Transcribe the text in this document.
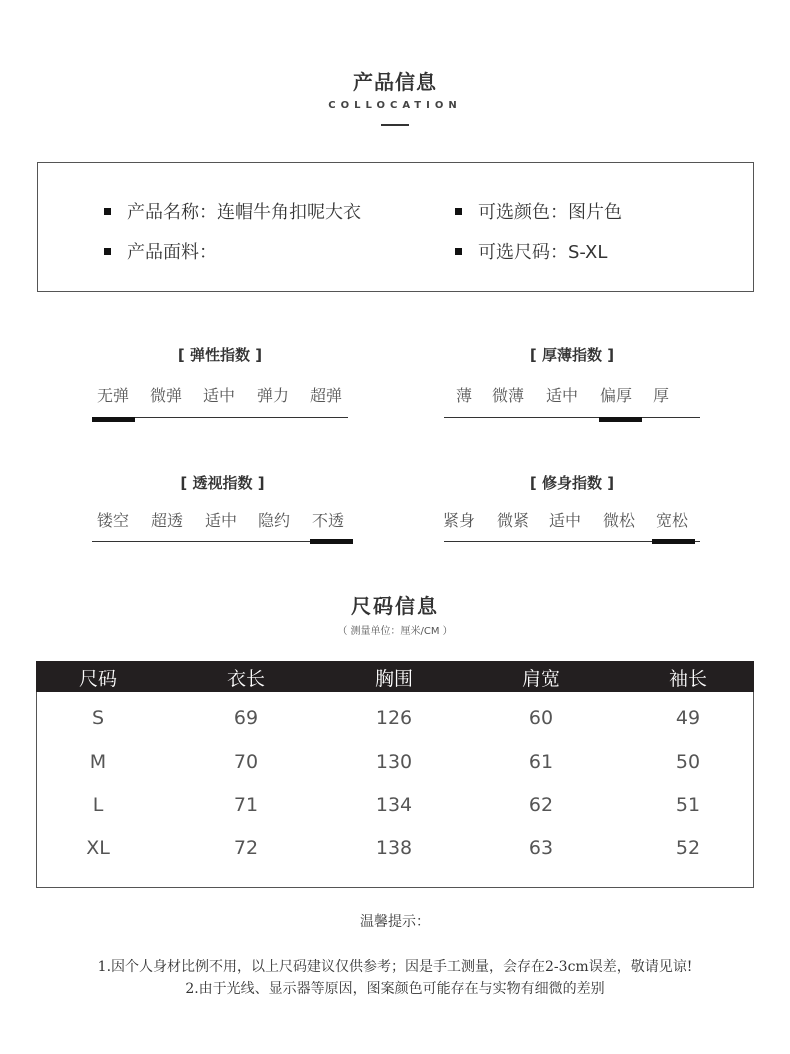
产品信息
COLLOCATION
产品名称：连帽牛角扣呢大衣
产品面料：
可选颜色：图片色
可选尺码：S-XL
[ 弹性指数 ]
无弹 微弹 适中 弹力 超弹
[ 厚薄指数 ]
薄 微薄 适中 偏厚 厚
[ 透视指数 ]
镂空 超透 适中 隐约 不透
[ 修身指数 ]
紧身 微紧 适中 微松 宽松
尺码信息
（ 测量单位：厘米/CM ）
尺码	衣长	胸围	肩宽	袖长
S	69	126	60	49
M	70	130	61	50
L	71	134	62	51
XL	72	138	63	52
温馨提示：
1.因个人身材比例不用，以上尺码建议仅供参考；因是手工测量，会存在2-3cm误差，敬请见谅!
2.由于光线、显示器等原因，图案颜色可能存在与实物有细微的差别
